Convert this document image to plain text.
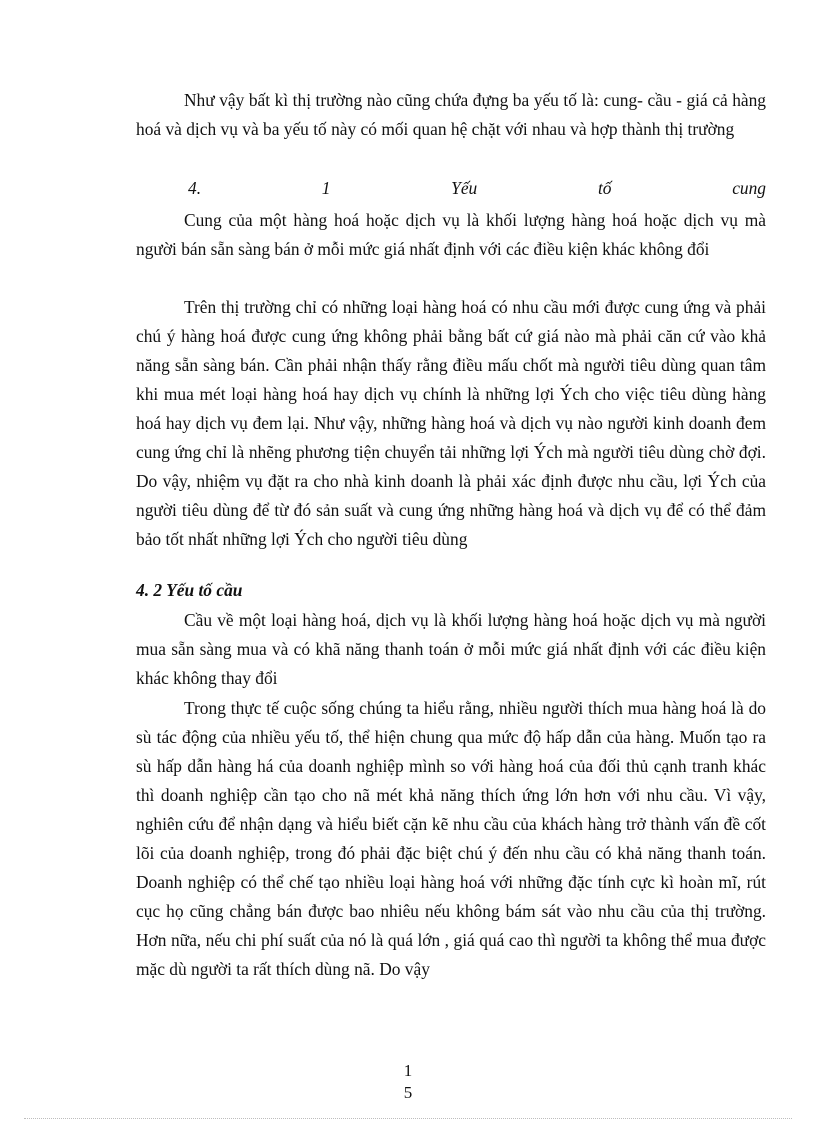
Như vậy bất kì thị trường nào cũng chứa đựng ba yếu tố là: cung- cầu - giá cả hàng hoá và dịch vụ và ba yếu tố này có mối quan hệ chặt với nhau và hợp thành thị trường

4.	1	Yếu	tố	cung

Cung của một hàng hoá hoặc dịch vụ là khối lượng hàng hoá hoặc dịch vụ mà người bán sẵn sàng bán ở mỗi mức giá nhất định với các điều kiện khác không đổi

Trên thị trường chỉ có những loại hàng hoá có nhu cầu mới được cung ứng và phải chú ý hàng hoá được cung ứng không phải bằng bất cứ giá nào mà phải căn cứ vào khả năng sẵn sàng bán. Cần phải nhận thấy rằng điều mấu chốt mà người tiêu dùng quan tâm khi mua mét loại hàng hoá hay dịch vụ chính là những lợi Ých cho việc tiêu dùng hàng hoá hay dịch vụ đem lại. Như vậy, những hàng hoá và dịch vụ nào người kinh doanh đem cung ứng chỉ là nhẽng phương tiện chuyển tải những lợi Ých mà người tiêu dùng chờ đợi. Do vậy, nhiệm vụ đặt ra cho nhà kinh doanh là phải xác định được nhu cầu, lợi Ých của người tiêu dùng để từ đó sản suất và cung ứng những hàng hoá và dịch vụ để có thể đảm bảo tốt nhất những lợi Ých cho người tiêu dùng

4. 2 Yếu tố cầu

Cầu về một loại hàng hoá, dịch vụ là khối lượng hàng hoá hoặc dịch vụ mà người mua sẵn sàng mua và có khã năng thanh toán ở mỗi mức giá nhất định với các điều kiện khác không thay đổi

Trong thực tế cuộc sống chúng ta hiểu rằng, nhiều người thích mua hàng hoá là do sù tác động của nhiều yếu tố, thể hiện chung qua mức độ hấp dẫn của hàng. Muốn tạo ra sù hấp dẫn hàng há của doanh nghiệp mình so với hàng hoá của đối thủ cạnh tranh khác thì doanh nghiệp cần tạo cho nã mét khả năng thích ứng lớn hơn với nhu cầu. Vì vậy, nghiên cứu để nhận dạng và hiểu biết cặn kẽ nhu cầu của khách hàng trở thành vấn đề cốt lõi của doanh nghiệp, trong đó phải đặc biệt chú ý đến nhu cầu có khả năng thanh toán. Doanh nghiệp có thể chế tạo nhiều loại hàng hoá với những đặc tính cực kì hoàn mĩ, rút cục họ cũng chẳng bán được bao nhiêu nếu không bám sát vào nhu cầu của thị trường. Hơn nữa, nếu chi phí suất của nó là quá lớn , giá quá cao thì người ta không thể mua được mặc dù người ta rất thích dùng nã. Do vậy

1
5
